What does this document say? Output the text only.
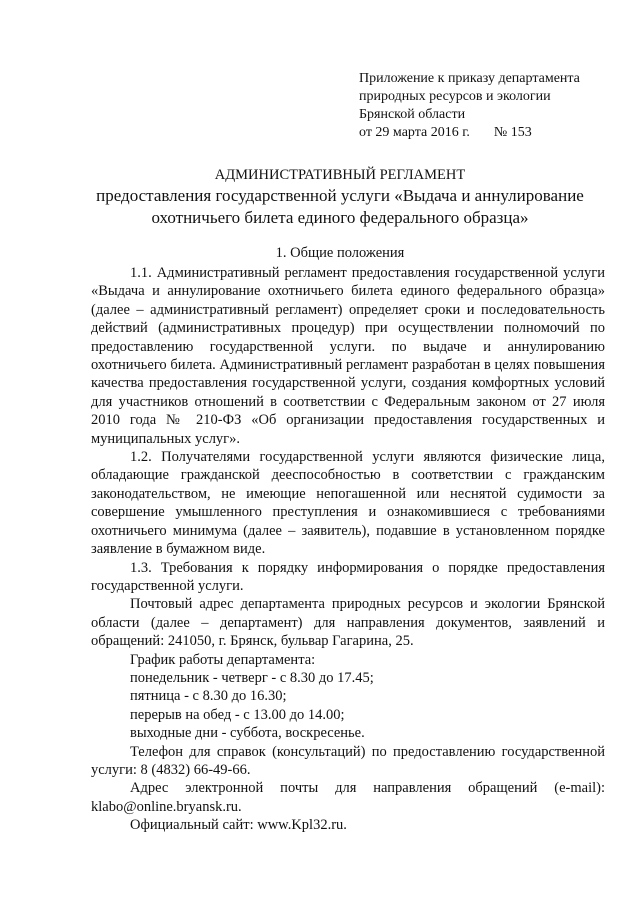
Приложение к приказу департамента
природных ресурсов и экологии
Брянской области
от 29 марта 2016 г. № 153
АДМИНИСТРАТИВНЫЙ РЕГЛАМЕНТ
предоставления государственной услуги «Выдача и аннулирование
охотничьего билета единого федерального образца»
1. Общие положения

1.1. Административный регламент предоставления государственной услуги «Выдача и аннулирование охотничьего билета единого федерального образца» (далее – административный регламент) определяет сроки и последовательность действий (административных процедур) при осуществлении полномочий по предоставлению государственной услуги. по выдаче и аннулированию охотничьего билета. Административный регламент разработан в целях повышения качества предоставления государственной услуги, создания комфортных условий для участников отношений в соответствии с Федеральным законом от 27 июля 2010 года № 210-ФЗ «Об организации предоставления государственных и муниципальных услуг».

1.2. Получателями государственной услуги являются физические лица, обладающие гражданской дееспособностью в соответствии с гражданским законодательством, не имеющие непогашенной или неснятой судимости за совершение умышленного преступления и ознакомившиеся с требованиями охотничьего минимума (далее – заявитель), подавшие в установленном порядке заявление в бумажном виде.

1.3. Требования к порядку информирования о порядке предоставления государственной услуги.

Почтовый адрес департамента природных ресурсов и экологии Брянской области (далее – департамент) для направления документов, заявлений и обращений: 241050, г. Брянск, бульвар Гагарина, 25.

График работы департамента:

понедельник - четверг - с 8.30 до 17.45;

пятница - с 8.30 до 16.30;

перерыв на обед - с 13.00 до 14.00;

выходные дни - суббота, воскресенье.

Телефон для справок (консультаций) по предоставлению государственной услуги: 8 (4832) 66-49-66.

Адрес электронной почты для направления обращений (e-mail): klabo@online.bryansk.ru.

Официальный сайт: www.Kpl32.ru.
